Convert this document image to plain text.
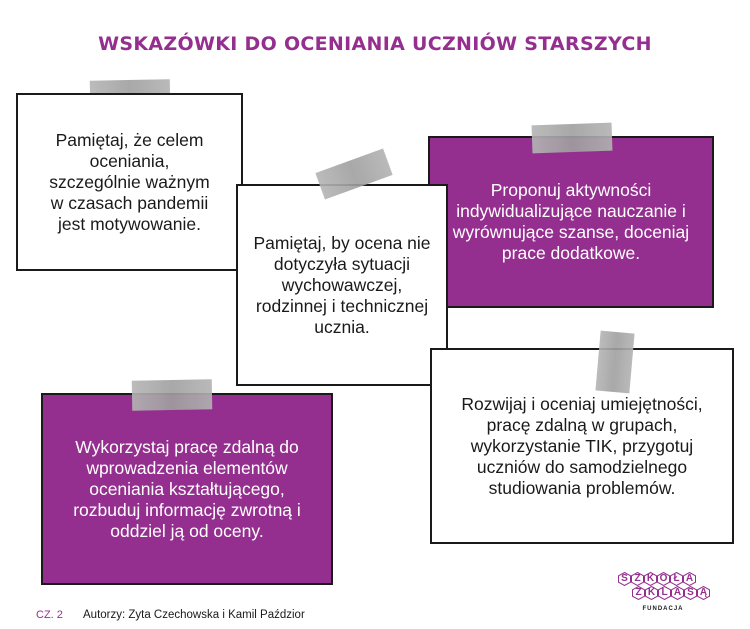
WSKAZÓWKI DO OCENIANIA UCZNIÓW STARSZYCH
Pamiętaj, że celem oceniania, szczególnie ważnym w czasach pandemii jest motywowanie.
Proponuj aktywności indywidualizujące nauczanie i wyrównujące szanse, doceniaj prace dodatkowe.
Pamiętaj, by ocena nie dotyczyła sytuacji wychowawczej, rodzinnej i technicznej ucznia.
Rozwijaj i oceniaj umiejętności, pracę zdalną w grupach, wykorzystanie TIK, przygotuj uczniów do samodzielnego studiowania problemów.
Wykorzystaj pracę zdalną do wprowadzenia elementów oceniania kształtującego, rozbuduj informację zwrotną i oddziel ją od oceny.
CZ. 2 Autorzy: Zyta Czechowska i Kamil Paździor
S Z K O Ł A
Z K L A S Ą
FUNDACJA
